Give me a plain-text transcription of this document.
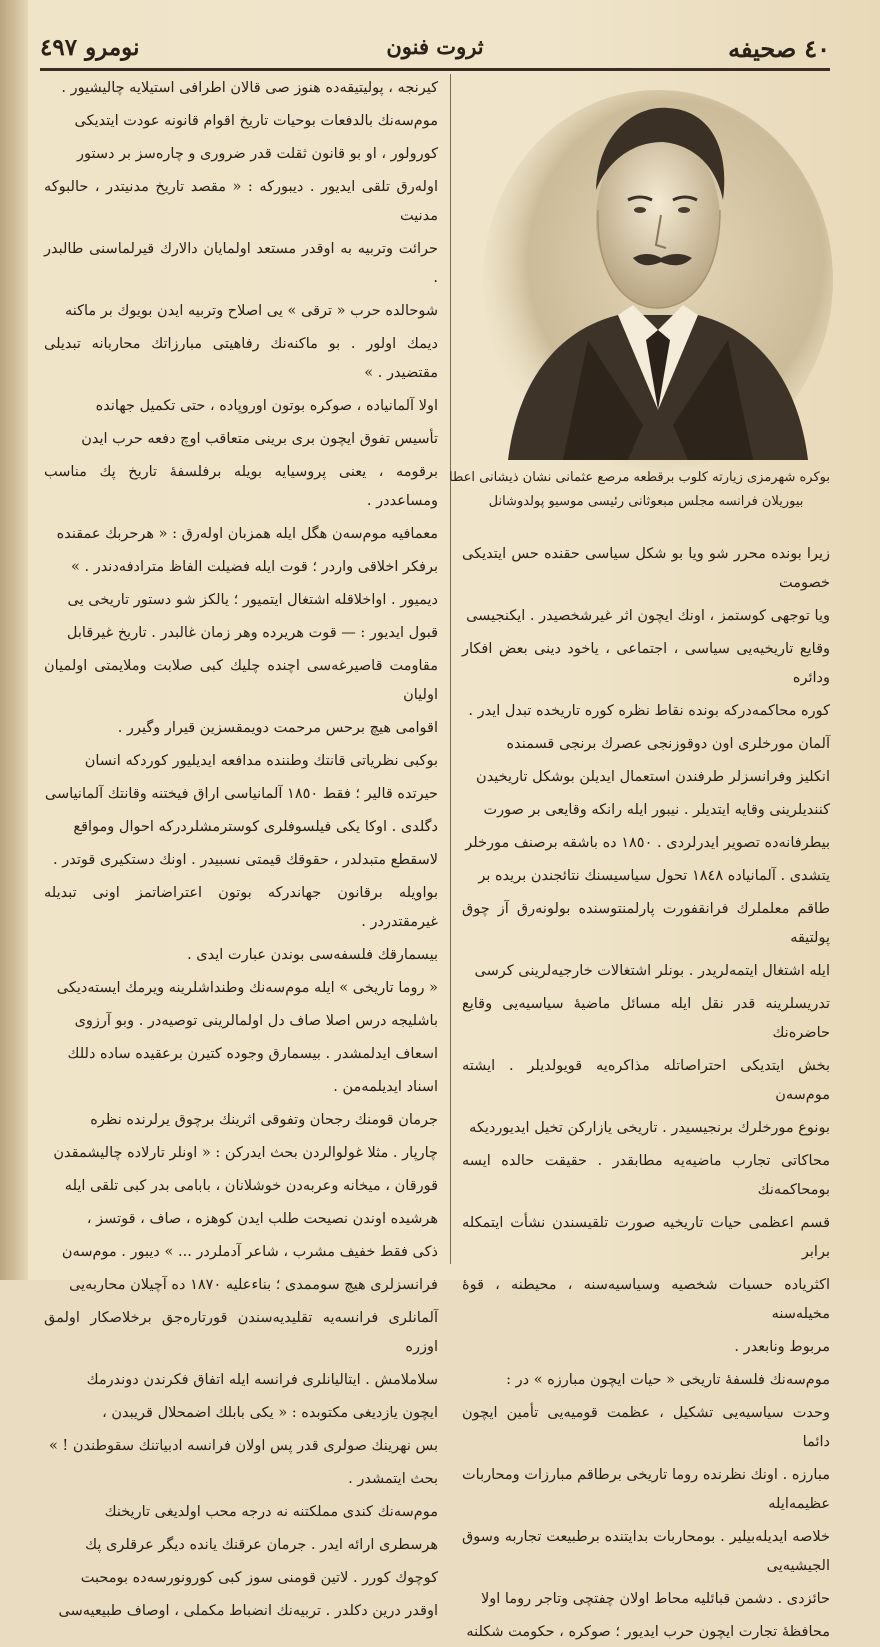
٤٠صحيفه
ثروت فنون
نومرو ٤٩٧

كیرنجه ، پولیتیقه‌ده هنوز صی قالان اطرافی استیلایه چالیشیور .

موم‌سه‌نك بالدفعات بوحیات تاریخ اقوام قانونه عودت ایتدیكی

كورولور ، او بو قانون ثقلت قدر ضروری و چاره‌سز بر دستور

اوله‌رق تلقی ایدیور . دیبوركه : « مقصد تاریخ مدنیتدر ، حالبوكه مدنیت

حرائت وتربیه به اوقدر مستعد اولمایان دالارك قیرلماسنی طالبدر .

شوحالده حرب « ترقی » یی اصلاح وتربیه ایدن بویوك بر ماكنه

دیمك اولور . بو ماكنه‌نك رفاهیتی مبارزاتك محاربانه تبدیلی مقتضیدر . »

اولا آلمانیاده ، صوكره بوتون اوروپاده ، حتی تكمیل جهانده

تأسیس تفوق ایچون بری برینی متعاقب اوچ دفعه حرب ایدن

برقومه ، یعنی پروسیایه بویله برفلسفهٔ تاریخ پك مناسب ومساعددر .

معمافیه موم‌سه‌ن هگل ایله همزبان اوله‌رق : « هرحربك عمقنده

برفكر اخلاقی واردر ؛ قوت ایله فضیلت الفاظ مترادفه‌دندر . »

دیمیور . اواخلاقله اشتغال ایتمیور ؛ یالكز شو دستور تاریخی یی

قبول ایدیور : — قوت هریرده وهر زمان غالبدر . تاریخ غیرقابل

مقاومت قاصیرغه‌سی اچنده چلیك كبی صلابت وملایمتی اولمیان اولیان

اقوامی هیچ برحس مرحمت دویمقسزین قیرار وگیرر .

بوكبی نظریاتی قانتك وطننده مدافعه ایدیلیور كوردكه انسان

حیرتده قالیر ؛ فقط ١٨٥٠ آلمانیاسی اراق فیختنه وقانتك آلمانیاسی

دگلدی . اوكا یكی فیلسوفلری كوسترمشلردركه احوال ومواقع

لاسقطع متبدلدر ، حقوقك قیمتی نسبیدر . اونك دستكیری قوتدر .

بواویله برقانون جهاندركه بوتون اعتراضاتمز اونی تبدیله غیرمقتدردر .

بیسمارقك فلسفه‌سی بوندن عبارت ایدی .

« روما تاریخی » ایله موم‌سه‌نك وطنداشلرینه ویرمك ایسته‌دیكی

باشلیجه درس اصلا صاف دل اولمالرینی توصیه‌در . وبو آرزوی

اسعاف ایدلمشدر . بیسمارق وجوده كتیرن برعقیده ساده دللك

اسناد ایدیلمه‌من .

جرمان قومنك رجحان وتفوقی اثرینك برچوق یرلرنده نظره

چارپار . مثلا غولوالردن بحث ایدركن : « اونلر تارلاده چالیشمقدن

قورقان ، میخانه وعربه‌دن خوشلانان ، بابامی بدر كبی تلقی ایله

هرشیده اوندن نصیحت طلب ایدن كوهزه ، صاف ، قوتسز ،

ذكی فقط خفیف مشرب ، شاعر آدملردر ... » دیبور . موم‌سه‌ن

فرانسزلری هیچ سوممدی ؛ بناءعلیه ١٨٧٠ ده آچیلان محاربه‌یی

آلمانلری فرانسه‌یه تقلیدیه‌سندن قورتاره‌جق برخلاصكار اولمق اوزره

سلاملامش . ایتالیانلری فرانسه ایله اتفاق فكرندن دوندرمك

ایچون یازدیغی مكتوبده : « یكی بابلك اضمحلال قریبدن ،

بس نهرینك صولری قدر پس اولان فرانسه ادبیاتنك سقوطندن ! »

بحث ایتمشدر .

موم‌سه‌نك كندی مملكتنه نه درجه محب اولدیغی تاریخنك

هرسطری ارائه ایدر . جرمان عرقنك یانده دیگر عرقلری پك

كوچوك كورر . لاتین قومنی سوز كبی كورونورسه‌ده بومحبت

اوقدر درین دكلدر . تربیه‌نك انضباط مكملی ، اوصاف طبیعیه‌سی

بوكره شهرمزی زیارته كلوب برقطعه مرصع عثمانی نشان ذیشانی اعطا
بیوریلان فرانسه مجلس مبعوثانی رئیسی موسیو پولدوشانل

زیرا بونده محرر شو ویا بو شكل سیاسی حقنده حس ایتدیكی خصومت

ویا توجهی كوستمز ، اونك ایچون اثر غیرشخصیدر . ایكنجیسی

وقایع تاریخیه‌یی سیاسی ، اجتماعی ، یاخود دینی بعض افكار ودائره

كوره محاكمه‌دركه بونده نقاط نظره كوره تاریخده تبدل ایدر .

آلمان مورخلری اون دوقوزنجی عصرك برنجی قسمنده

انكلیز وفرانسزلر طرفندن استعمال ایدیلن بوشكل تاریخیدن

كنندیلرینی وقایه ایتدیلر . نیبور ایله رانكه وقایعی بر صورت

بیطرفانه‌ده تصویر ایدرلردی . ١٨٥٠ ده باشقه برصنف مورخلر

یتشدی . آلمانیاده ١٨٤٨ تحول سیاسیسنك نتائجندن بریده بر

طاقم معلملرك فرانقفورت پارلمنتوسنده بولونه‌رق آز چوق پولتیقه

ایله اشتغال ایتمه‌لریدر . بونلر اشتغالات خارجیه‌لرینی كرسی

تدریسلرینه قدر نقل ایله مسائل ماضیهٔ سیاسیه‌یی وقایع حاضره‌نك

بخش ایتدیكی احتراصاتله مذاكره‌یه قویولدیلر . ایشته موم‌سه‌ن

بونوع مورخلرك برنجیسیدر . تاریخی یازاركن تخیل ایدیوردیكه

محاكاتی تجارب ماضیه‌یه مطابقدر . حقیقت حالده ایسه بومحاكمه‌نك

قسم اعظمی حیات تاریخیه صورت تلقیسندن نشأت ایتمكله برابر

اكثریاده حسیات شخصیه وسیاسیه‌سنه ، محیطنه ، قوهٔ مخیله‌سنه

مربوط ونابعدر .

موم‌سه‌نك فلسفهٔ تاریخی « حیات ایچون مبارزه » در :

وحدت سیاسیه‌یی تشكیل ، عظمت قومیه‌یی تأمین ایچون دائما

مبارزه . اونك نظرنده روما تاریخی برطاقم مبارزات ومحاربات عظیمه‌ایله

خلاصه ایدیله‌بیلیر . بومحاربات بدایتنده برطبیعت تجاربه وسوق الجیشیه‌یی

حائزدی . دشمن قبائلیه محاط اولان چفتچی وتاجر روما اولا

محافظهٔ تجارت ایچون حرب ایدیور ؛ صوكره ، حكومت شكلنه
